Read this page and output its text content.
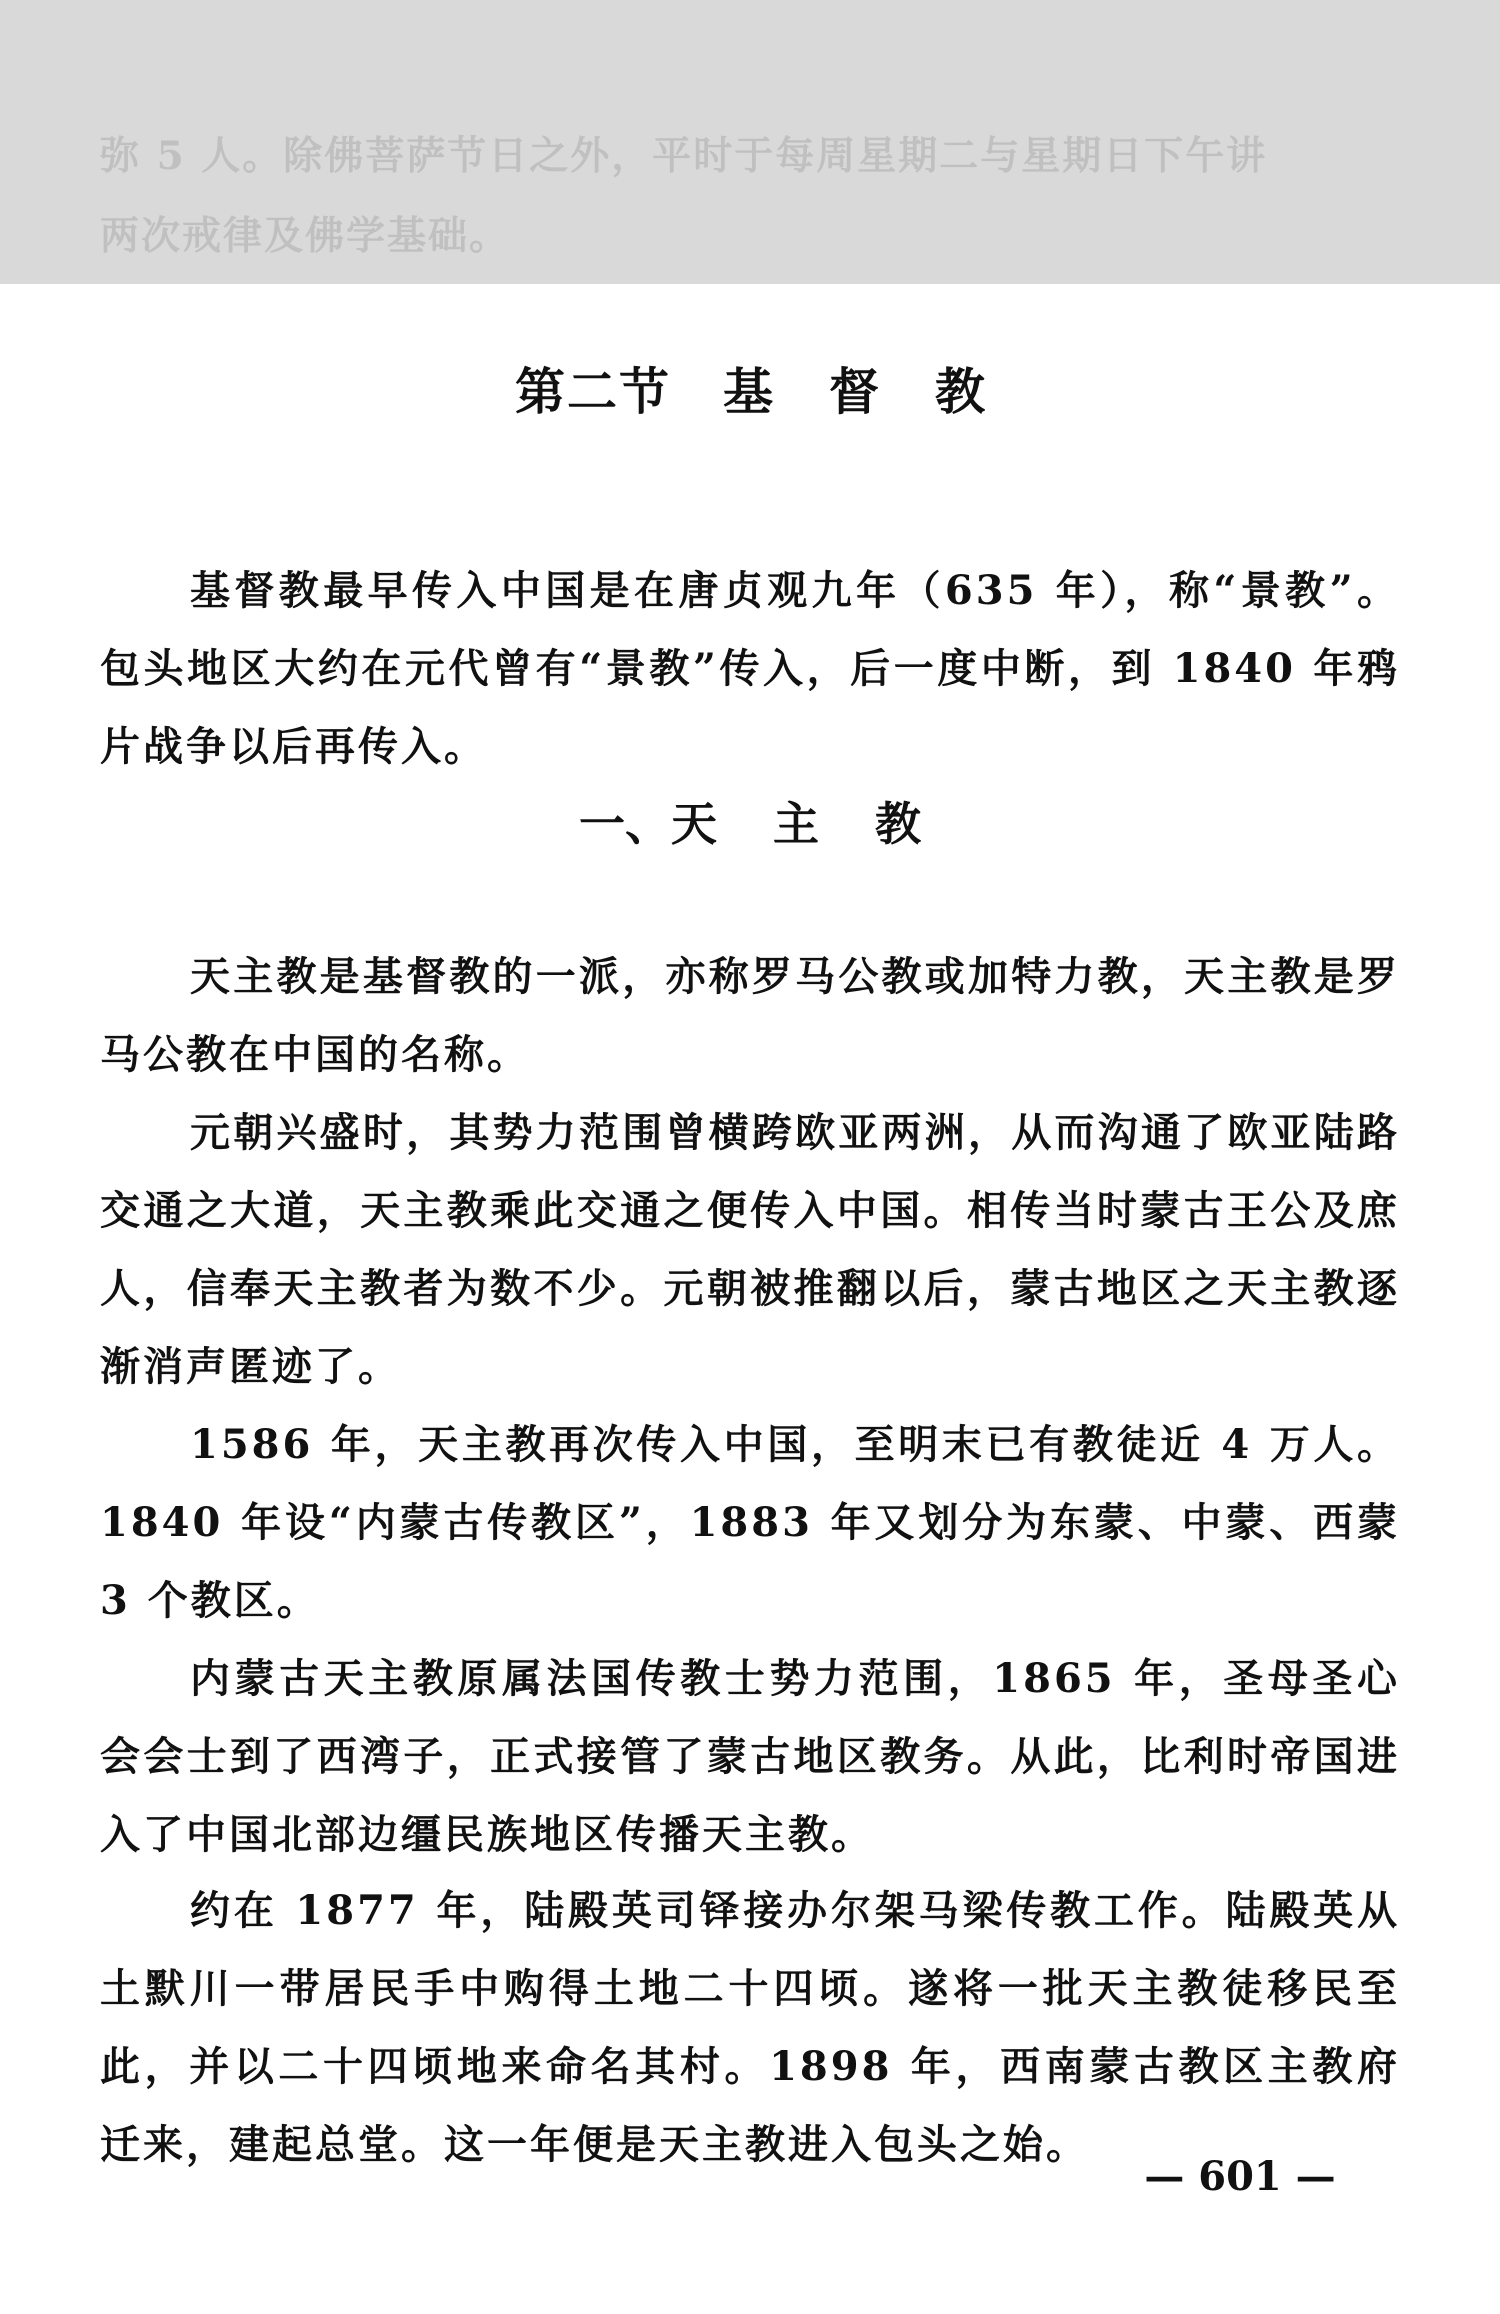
弥 5 人。除佛菩萨节日之外，平时于每周星期二与星期日下午讲
两次戒律及佛学基础。
第二节 基督教

基督教最早传入中国是在唐贞观九年（635 年），称“景教”。包头地区大约在元代曾有“景教”传入，后一度中断，到 1840 年鸦片战争以后再传入。

一、天主教

天主教是基督教的一派，亦称罗马公教或加特力教，天主教是罗马公教在中国的名称。

元朝兴盛时，其势力范围曾横跨欧亚两洲，从而沟通了欧亚陆路交通之大道，天主教乘此交通之便传入中国。相传当时蒙古王公及庶人，信奉天主教者为数不少。元朝被推翻以后，蒙古地区之天主教逐渐消声匿迹了。

1586 年，天主教再次传入中国，至明末已有教徒近 4 万人。1840 年设“内蒙古传教区”，1883 年又划分为东蒙、中蒙、西蒙 3 个教区。

内蒙古天主教原属法国传教士势力范围，1865 年，圣母圣心会会士到了西湾子，正式接管了蒙古地区教务。从此，比利时帝国进入了中国北部边缰民族地区传播天主教。

约在 1877 年，陆殿英司铎接办尔架马梁传教工作。陆殿英从土默川一带居民手中购得土地二十四顷。遂将一批天主教徒移民至此，并以二十四顷地来命名其村。1898 年，西南蒙古教区主教府迁来，建起总堂。这一年便是天主教进入包头之始。

— 601 —
